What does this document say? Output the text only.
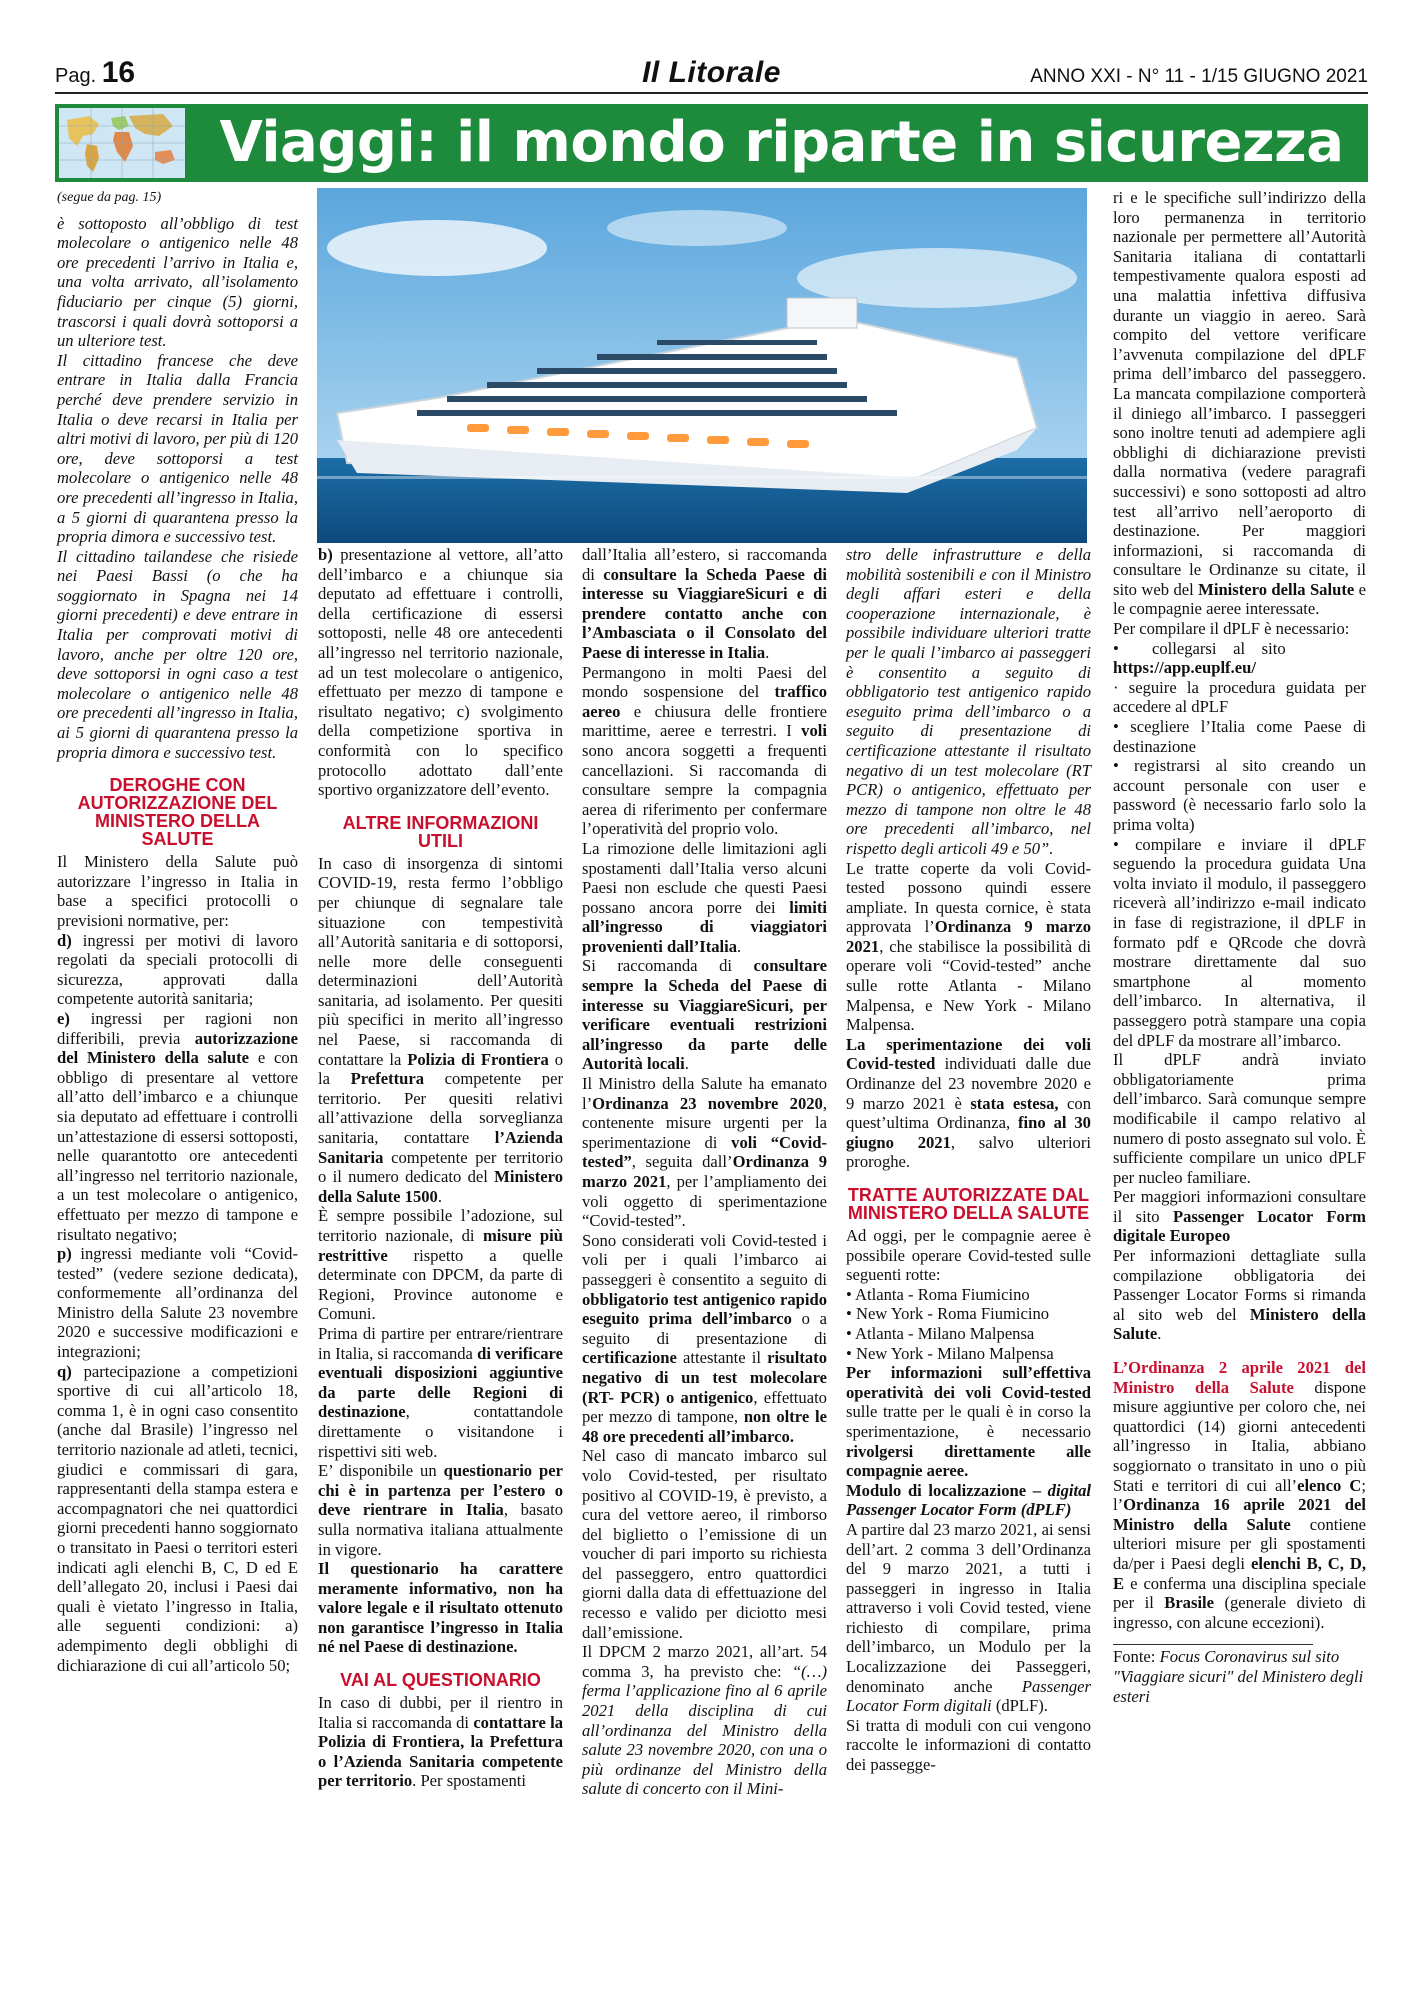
Pag. 16	Il Litorale	ANNO XXI - N° 11 - 1/15 GIUGNO 2021
Viaggi: il mondo riparte in sicurezza

(segue da pag. 15)

è sottoposto all’obbligo di test molecolare o antigenico nelle 48 ore precedenti l’arrivo in Italia e, una volta arrivato, all’isolamento fiduciario per cinque (5) giorni, trascorsi i quali dovrà sottoporsi a un ulteriore test.

Il cittadino francese che deve entrare in Italia dalla Francia perché deve prendere servizio in Italia o deve recarsi in Italia per altri motivi di lavoro, per più di 120 ore, deve sottoporsi a test molecolare o antigenico nelle 48 ore precedenti all’ingresso in Italia, a 5 giorni di quarantena presso la propria dimora e successivo test.

Il cittadino tailandese che risiede nei Paesi Bassi (o che ha soggiornato in Spagna nei 14 giorni precedenti) e deve entrare in Italia per comprovati motivi di lavoro, anche per oltre 120 ore, deve sottoporsi in ogni caso a test molecolare o antigenico nelle 48 ore precedenti all’ingresso in Italia, ai 5 giorni di quarantena presso la propria dimora e successivo test.

DEROGHE CON AUTORIZZAZIONE DEL MINISTERO DELLA SALUTE

Il Ministero della Salute può autorizzare l’ingresso in Italia in base a specifici protocolli o previsioni normative, per:

d) ingressi per motivi di lavoro regolati da speciali protocolli di sicurezza, approvati dalla competente autorità sanitaria;

e) ingressi per ragioni non differibili, previa autorizzazione del Ministero della salute e con obbligo di presentare al vettore all’atto dell’imbarco e a chiunque sia deputato ad effettuare i controlli un’attestazione di essersi sottoposti, nelle quarantotto ore antecedenti all’ingresso nel territorio nazionale, a un test molecolare o antigenico, effettuato per mezzo di tampone e risultato negativo;

p) ingressi mediante voli “Covid-tested” (vedere sezione dedicata), conformemente all’ordinanza del Ministro della Salute 23 novembre 2020 e successive modificazioni e integrazioni;

q) partecipazione a competizioni sportive di cui all’articolo 18, comma 1, è in ogni caso consentito (anche dal Brasile) l’ingresso nel territorio nazionale ad atleti, tecnici, giudici e commissari di gara, rappresentanti della stampa estera e accompagnatori che nei quattordici giorni precedenti hanno soggiornato o transitato in Paesi o territori esteri indicati agli elenchi B, C, D ed E dell’allegato 20, inclusi i Paesi dai quali è vietato l’ingresso in Italia, alle seguenti condizioni: a) adempimento degli obblighi di dichiarazione di cui all’articolo 50;

b) presentazione al vettore, all’atto dell’imbarco e a chiunque sia deputato ad effettuare i controlli, della certificazione di essersi sottoposti, nelle 48 ore antecedenti all’ingresso nel territorio nazionale, ad un test molecolare o antigenico, effettuato per mezzo di tampone e risultato negativo; c) svolgimento della competizione sportiva in conformità con lo specifico protocollo adottato dall’ente sportivo organizzatore dell’evento.

ALTRE INFORMAZIONI UTILI

In caso di insorgenza di sintomi COVID-19, resta fermo l’obbligo per chiunque di segnalare tale situazione con tempestività all’Autorità sanitaria e di sottoporsi, nelle more delle conseguenti determinazioni dell’Autorità sanitaria, ad isolamento. Per quesiti più specifici in merito all’ingresso nel Paese, si raccomanda di contattare la Polizia di Frontiera o la Prefettura competente per territorio. Per quesiti relativi all’attivazione della sorveglianza sanitaria, contattare l’Azienda Sanitaria competente per territorio o il numero dedicato del Ministero della Salute 1500.

È sempre possibile l’adozione, sul territorio nazionale, di misure più restrittive rispetto a quelle determinate con DPCM, da parte di Regioni, Province autonome e Comuni.

Prima di partire per entrare/rientrare in Italia, si raccomanda di verificare eventuali disposizioni aggiuntive da parte delle Regioni di destinazione, contattandole direttamente o visitandone i rispettivi siti web.

E’ disponibile un questionario per chi è in partenza per l’estero o deve rientrare in Italia, basato sulla normativa italiana attualmente in vigore.

Il questionario ha carattere meramente informativo, non ha valore legale e il risultato ottenuto non garantisce l’ingresso in Italia né nel Paese di destinazione.

VAI AL QUESTIONARIO

In caso di dubbi, per il rientro in Italia si raccomanda di contattare la Polizia di Frontiera, la Prefettura o l’Azienda Sanitaria competente per territorio. Per spostamenti

dall’Italia all’estero, si raccomanda di consultare la Scheda Paese di interesse su ViaggiareSicuri e di prendere contatto anche con l’Ambasciata o il Consolato del Paese di interesse in Italia.

Permangono in molti Paesi del mondo sospensione del traffico aereo e chiusura delle frontiere marittime, aeree e terrestri. I voli sono ancora soggetti a frequenti cancellazioni. Si raccomanda di consultare sempre la compagnia aerea di riferimento per confermare l’operatività del proprio volo.

La rimozione delle limitazioni agli spostamenti dall’Italia verso alcuni Paesi non esclude che questi Paesi possano ancora porre dei limiti all’ingresso di viaggiatori provenienti dall’Italia.

Si raccomanda di consultare sempre la Scheda del Paese di interesse su ViaggiareSicuri, per verificare eventuali restrizioni all’ingresso da parte delle Autorità locali.

Il Ministro della Salute ha emanato l’Ordinanza 23 novembre 2020, contenente misure urgenti per la sperimentazione di voli “Covid-tested”, seguita dall’Ordinanza 9 marzo 2021, per l’ampliamento dei voli oggetto di sperimentazione “Covid-tested”.

Sono considerati voli Covid-tested i voli per i quali l’imbarco ai passeggeri è consentito a seguito di obbligatorio test antigenico rapido eseguito prima dell’imbarco o a seguito di presentazione di certificazione attestante il risultato negativo di un test molecolare (RT- PCR) o antigenico, effettuato per mezzo di tampone, non oltre le 48 ore precedenti all’imbarco.

Nel caso di mancato imbarco sul volo Covid-tested, per risultato positivo al COVID-19, è previsto, a cura del vettore aereo, il rimborso del biglietto o l’emissione di un voucher di pari importo su richiesta del passeggero, entro quattordici giorni dalla data di effettuazione del recesso e valido per diciotto mesi dall’emissione.

Il DPCM 2 marzo 2021, all’art. 54 comma 3, ha previsto che: “(…) ferma l’applicazione fino al 6 aprile 2021 della disciplina di cui all’ordinanza del Ministro della salute 23 novembre 2020, con una o più ordinanze del Ministro della salute di concerto con il Mini-

stro delle infrastrutture e della mobilità sostenibili e con il Ministro degli affari esteri e della cooperazione internazionale, è possibile individuare ulteriori tratte per le quali l’imbarco ai passeggeri è consentito a seguito di obbligatorio test antigenico rapido eseguito prima dell’imbarco o a seguito di presentazione di certificazione attestante il risultato negativo di un test molecolare (RT PCR) o antigenico, effettuato per mezzo di tampone non oltre le 48 ore precedenti all’imbarco, nel rispetto degli articoli 49 e 50”.

Le tratte coperte da voli Covid-tested possono quindi essere ampliate. In questa cornice, è stata approvata l’Ordinanza 9 marzo 2021, che stabilisce la possibilità di operare voli “Covid-tested” anche sulle rotte Atlanta - Milano Malpensa, e New York - Milano Malpensa.

La sperimentazione dei voli Covid-tested individuati dalle due Ordinanze del 23 novembre 2020 e 9 marzo 2021 è stata estesa, con quest’ultima Ordinanza, fino al 30 giugno 2021, salvo ulteriori proroghe.

TRATTE AUTORIZZATE DAL MINISTERO DELLA SALUTE

Ad oggi, per le compagnie aeree è possibile operare Covid-tested sulle seguenti rotte:

• Atlanta - Roma Fiumicino

• New York - Roma Fiumicino

• Atlanta - Milano Malpensa

• New York - Milano Malpensa

Per informazioni sull’effettiva operatività dei voli Covid-tested sulle tratte per le quali è in corso la sperimentazione, è necessario rivolgersi direttamente alle compagnie aeree.

Modulo di localizzazione – digital Passenger Locator Form (dPLF)

A partire dal 23 marzo 2021, ai sensi dell’art. 2 comma 3 dell’Ordinanza del 9 marzo 2021, a tutti i passeggeri in ingresso in Italia attraverso i voli Covid tested, viene richiesto di compilare, prima dell’imbarco, un Modulo per la Localizzazione dei Passeggeri, denominato anche Passenger Locator Form digitali (dPLF).

Si tratta di moduli con cui vengono raccolte le informazioni di contatto dei passegge-

ri e le specifiche sull’indirizzo della loro permanenza in territorio nazionale per permettere all’Autorità Sanitaria italiana di contattarli tempestivamente qualora esposti ad una malattia infettiva diffusiva durante un viaggio in aereo. Sarà compito del vettore verificare l’avvenuta compilazione del dPLF prima dell’imbarco del passeggero. La mancata compilazione comporterà il diniego all’imbarco. I passeggeri sono inoltre tenuti ad adempiere agli obblighi di dichiarazione previsti dalla normativa (vedere paragrafi successivi) e sono sottoposti ad altro test all’arrivo nell’aeroporto di destinazione. Per maggiori informazioni, si raccomanda di consultare le Ordinanze su citate, il sito web del Ministero della Salute e le compagnie aeree interessate.

Per compilare il dPLF è necessario:

•        collegarsi    al    sito

https://app.euplf.eu/

· seguire la procedura guidata per accedere al dPLF

• scegliere l’Italia come Paese di destinazione

• registrarsi al sito creando un account personale con user e password (è necessario farlo solo la prima volta)

• compilare e inviare il dPLF seguendo la procedura guidata Una volta inviato il modulo, il passeggero riceverà all’indirizzo e-mail indicato in fase di registrazione, il dPLF in formato pdf e QRcode che dovrà mostrare direttamente dal suo smartphone al momento dell’imbarco. In alternativa, il passeggero potrà stampare una copia del dPLF da mostrare all’imbarco.

Il dPLF andrà inviato obbligatoriamente prima dell’imbarco. Sarà comunque sempre modificabile il campo relativo al numero di posto assegnato sul volo. È sufficiente compilare un unico dPLF per nucleo familiare.

Per maggiori informazioni consultare il sito Passenger Locator Form digitale Europeo

Per informazioni dettagliate sulla compilazione obbligatoria dei Passenger Locator Forms si rimanda al sito web del Ministero della Salute.

L’Ordinanza 2 aprile 2021 del Ministro della Salute dispone misure aggiuntive per coloro che, nei quattordici (14) giorni antecedenti all’ingresso in Italia, abbiano soggiornato o transitato in uno o più Stati e territori di cui all’elenco C; l’Ordinanza 16 aprile 2021 del Ministro della Salute contiene ulteriori misure per gli spostamenti da/per i Paesi degli elenchi B, C, D, E e conferma una disciplina speciale per il Brasile (generale divieto di ingresso, con alcune eccezioni).

Fonte: Focus Coronavirus sul sito "Viaggiare sicuri" del Ministero degli esteri
